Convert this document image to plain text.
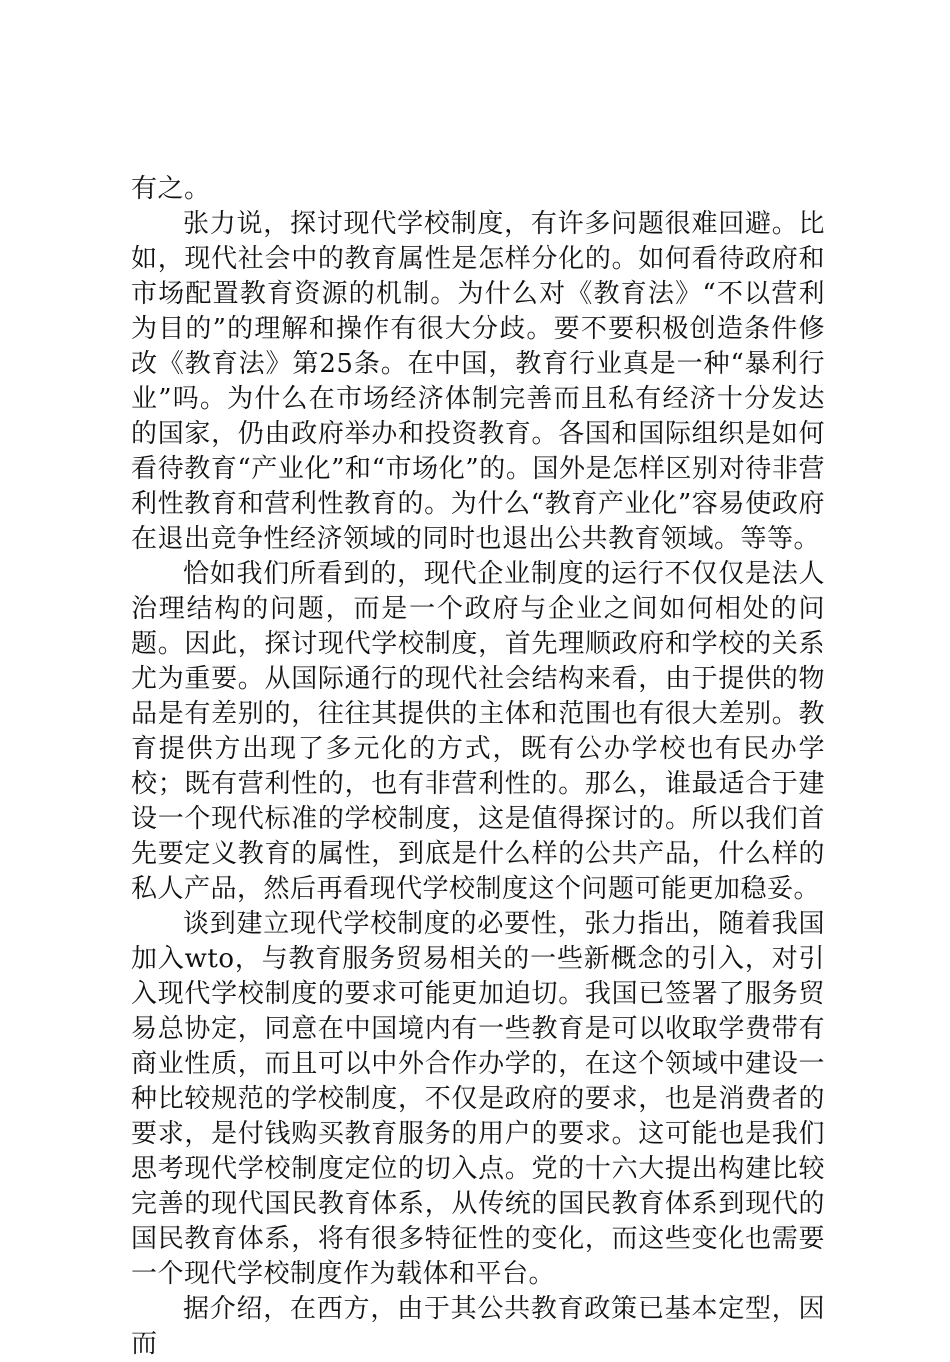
有之。

张力说，探讨现代学校制度，有许多问题很难回避。比如，现代社会中的教育属性是怎样分化的。如何看待政府和市场配置教育资源的机制。为什么对《教育法》“不以营利为目的”的理解和操作有很大分歧。要不要积极创造条件修改《教育法》第25条。在中国，教育行业真是一种“暴利行业”吗。为什么在市场经济体制完善而且私有经济十分发达的国家，仍由政府举办和投资教育。各国和国际组织是如何看待教育“产业化”和“市场化”的。国外是怎样区别对待非营利性教育和营利性教育的。为什么“教育产业化”容易使政府在退出竞争性经济领域的同时也退出公共教育领域。等等。

恰如我们所看到的，现代企业制度的运行不仅仅是法人治理结构的问题，而是一个政府与企业之间如何相处的问题。因此，探讨现代学校制度，首先理顺政府和学校的关系尤为重要。从国际通行的现代社会结构来看，由于提供的物品是有差别的，往往其提供的主体和范围也有很大差别。教育提供方出现了多元化的方式，既有公办学校也有民办学校；既有营利性的，也有非营利性的。那么，谁最适合于建设一个现代标准的学校制度，这是值得探讨的。所以我们首先要定义教育的属性，到底是什么样的公共产品，什么样的私人产品，然后再看现代学校制度这个问题可能更加稳妥。

谈到建立现代学校制度的必要性，张力指出，随着我国加入wto，与教育服务贸易相关的一些新概念的引入，对引入现代学校制度的要求可能更加迫切。我国已签署了服务贸易总协定，同意在中国境内有一些教育是可以收取学费带有商业性质，而且可以中外合作办学的，在这个领域中建设一种比较规范的学校制度，不仅是政府的要求，也是消费者的要求，是付钱购买教育服务的用户的要求。这可能也是我们思考现代学校制度定位的切入点。党的十六大提出构建比较完善的现代国民教育体系，从传统的国民教育体系到现代的国民教育体系，将有很多特征性的变化，而这些变化也需要一个现代学校制度作为载体和平台。

据介绍，在西方，由于其公共教育政策已基本定型，因而
